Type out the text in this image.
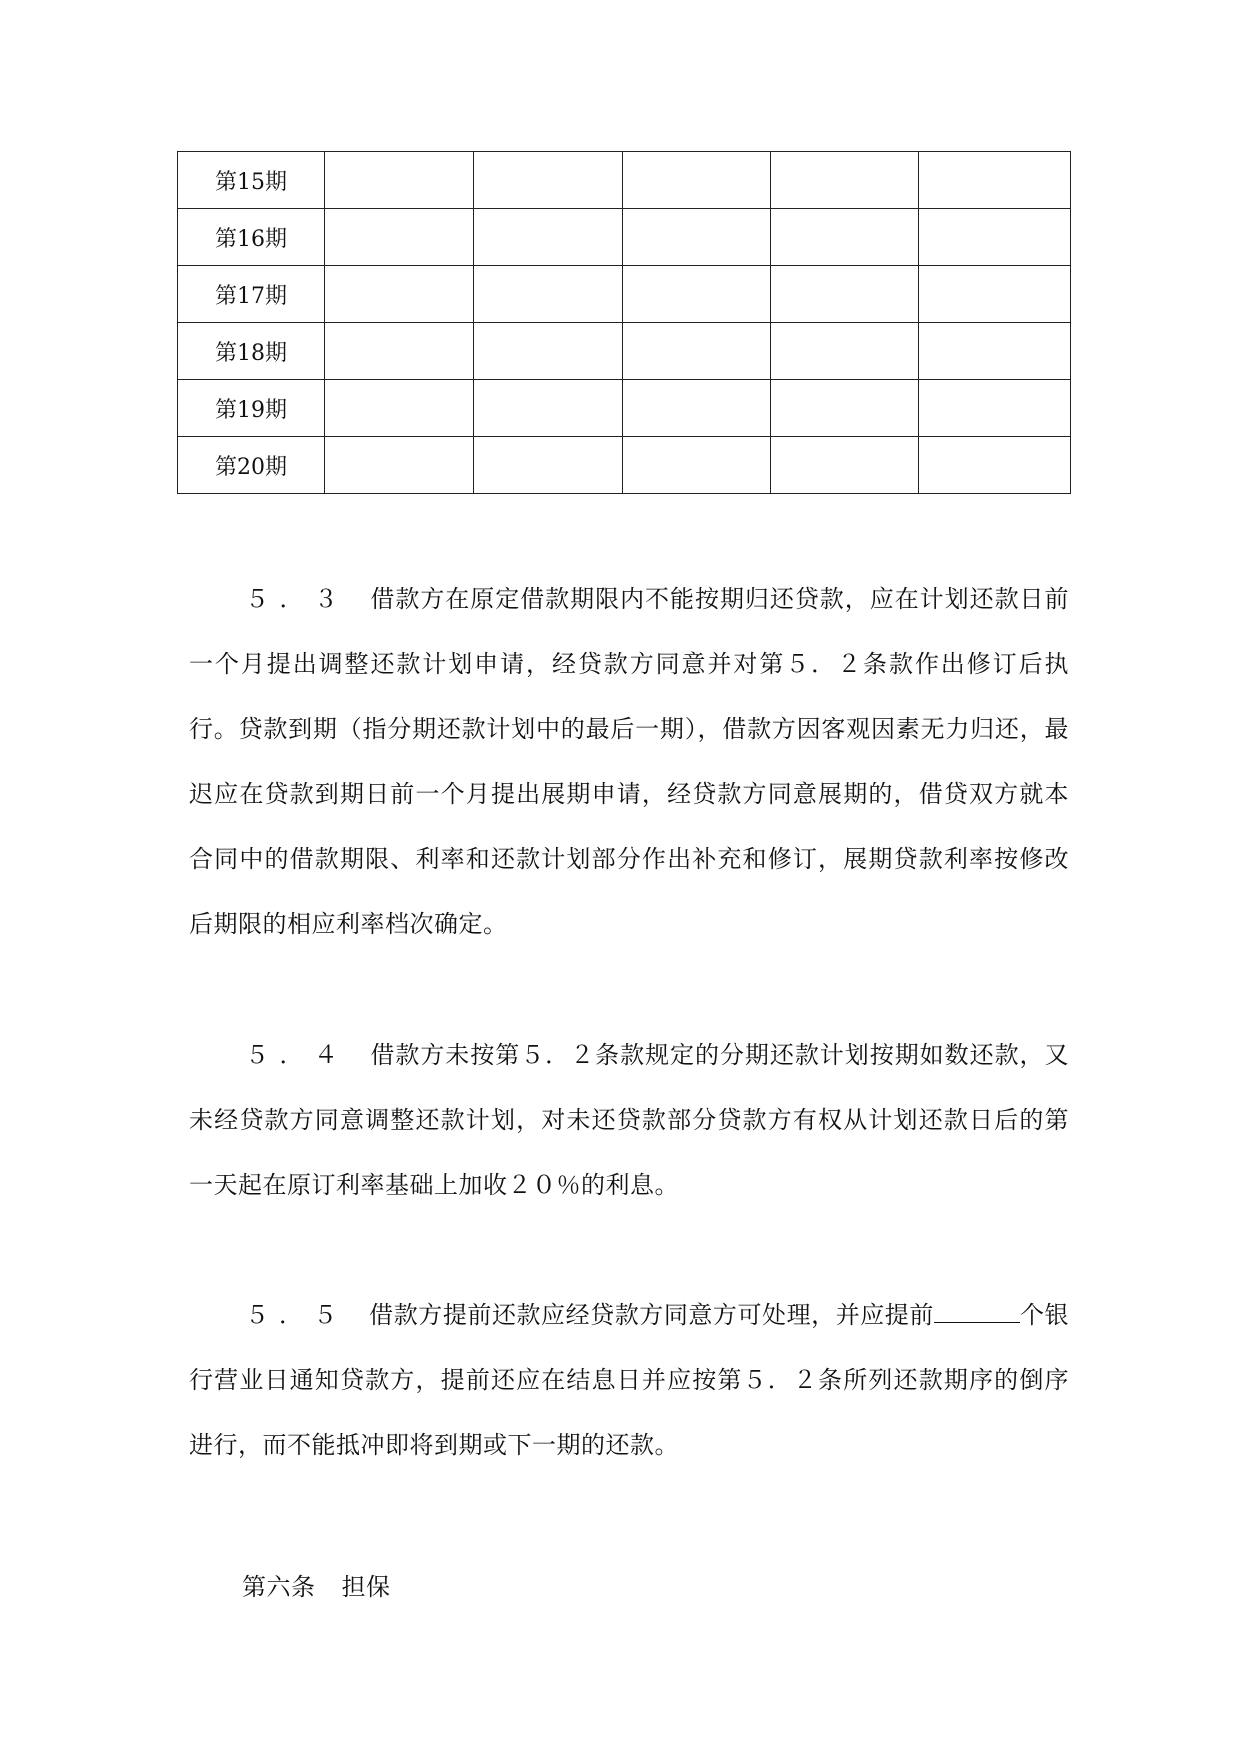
第15期					
第16期					
第17期					
第18期					
第19期					
第20期					

５．３ 借款方在原定借款期限内不能按期归还贷款，应在计划还款日前一个月提出调整还款计划申请，经贷款方同意并对第５．２条款作出修订后执行。贷款到期（指分期还款计划中的最后一期），借款方因客观因素无力归还，最迟应在贷款到期日前一个月提出展期申请，经贷款方同意展期的，借贷双方就本合同中的借款期限、利率和还款计划部分作出补充和修订，展期贷款利率按修改后期限的相应利率档次确定。

５．４ 借款方未按第５．２条款规定的分期还款计划按期如数还款，又未经贷款方同意调整还款计划，对未还贷款部分贷款方有权从计划还款日后的第一天起在原订利率基础上加收２０％的利息。

５．５ 借款方提前还款应经贷款方同意方可处理，并应提前	个银行营业日通知贷款方，提前还应在结息日并应按第５．２条所列还款期序的倒序进行，而不能抵冲即将到期或下一期的还款。

第六条 担保
